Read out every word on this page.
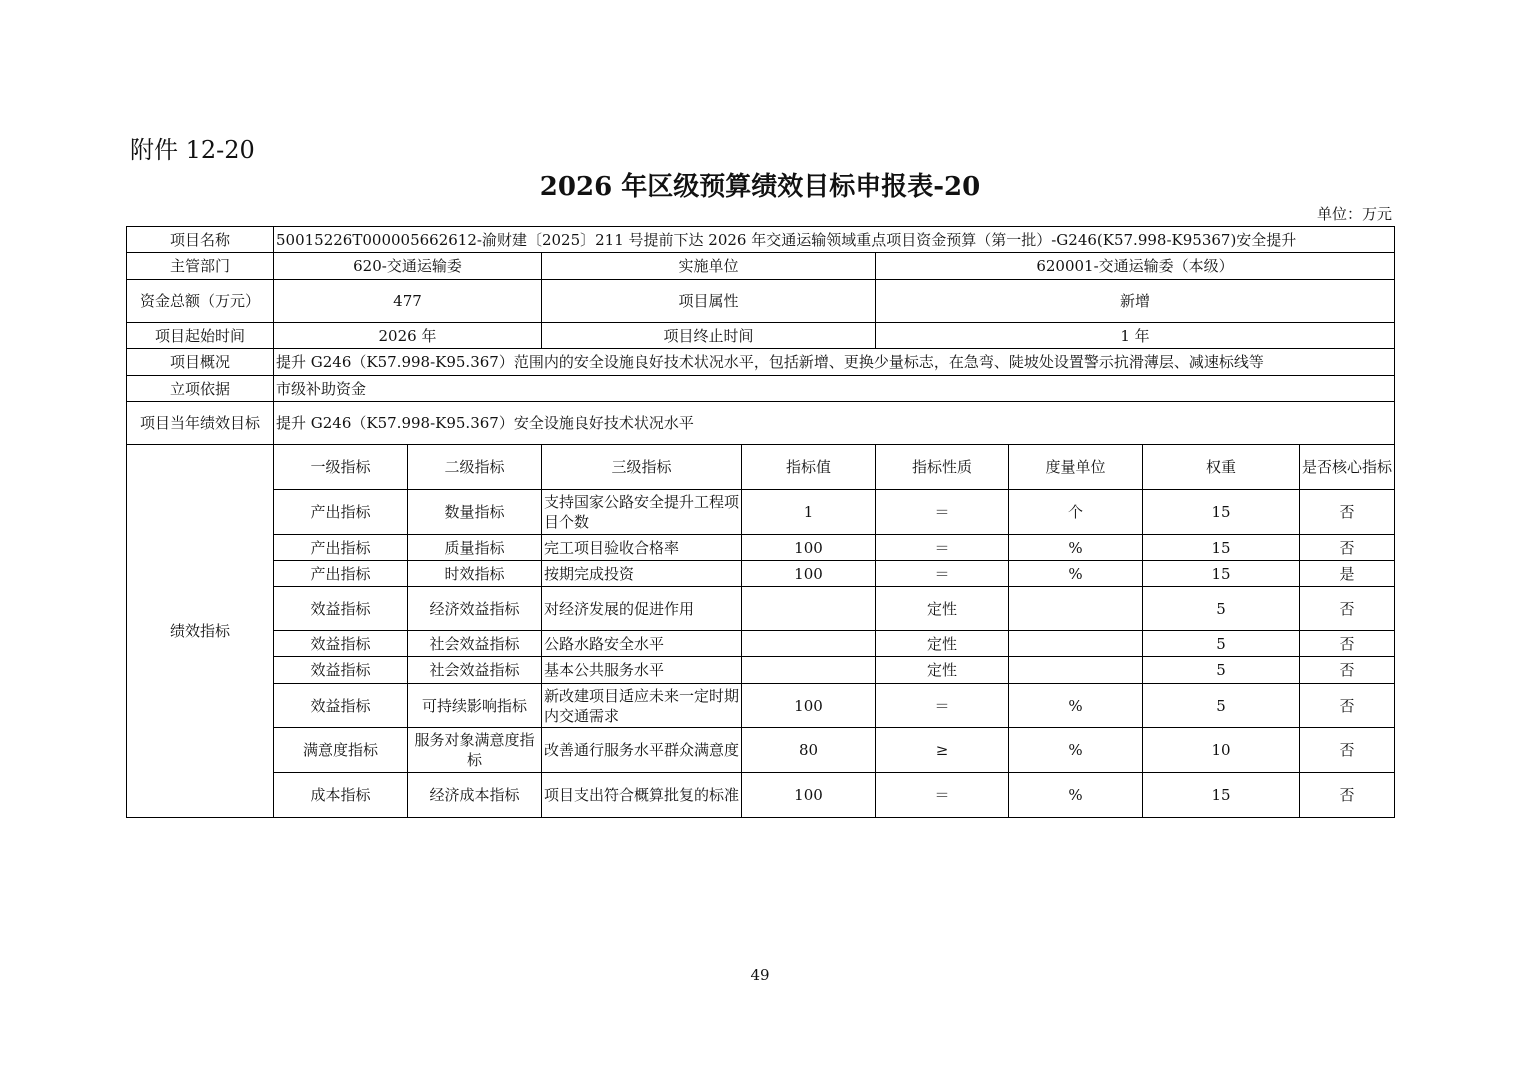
附件 12-20
2026 年区级预算绩效目标申报表-20
单位：万元
项目名称	50015226T000005662612-渝财建〔2025〕211 号提前下达 2026 年交通运输领域重点项目资金预算（第一批）-G246(K57.998-K95367)安全提升							
主管部门	620-交通运输委		实施单位		620001-交通运输委（本级）			
资金总额（万元）	477		项目属性		新增			
项目起始时间	2026 年		项目终止时间		1 年			
项目概况	提升 G246（K57.998-K95.367）范围内的安全设施良好技术状况水平，包括新增、更换少量标志，在急弯、陡坡处设置警示抗滑薄层、减速标线等							
立项依据	市级补助资金							
项目当年绩效目标	提升 G246（K57.998-K95.367）安全设施良好技术状况水平							
绩效指标	一级指标	二级指标	三级指标	指标值	指标性质	度量单位	权重	是否核心指标
	产出指标	数量指标	支持国家公路安全提升工程项目个数	1	＝	个	15	否
	产出指标	质量指标	完工项目验收合格率	100	＝	%	15	否
	产出指标	时效指标	按期完成投资	100	＝	%	15	是
	效益指标	经济效益指标	对经济发展的促进作用		定性		5	否
	效益指标	社会效益指标	公路水路安全水平		定性		5	否
	效益指标	社会效益指标	基本公共服务水平		定性		5	否
	效益指标	可持续影响指标	新改建项目适应未来一定时期内交通需求	100	＝	%	5	否
	满意度指标	服务对象满意度指标	改善通行服务水平群众满意度	80	≥	%	10	否
	成本指标	经济成本指标	项目支出符合概算批复的标准	100	＝	%	15	否
49
